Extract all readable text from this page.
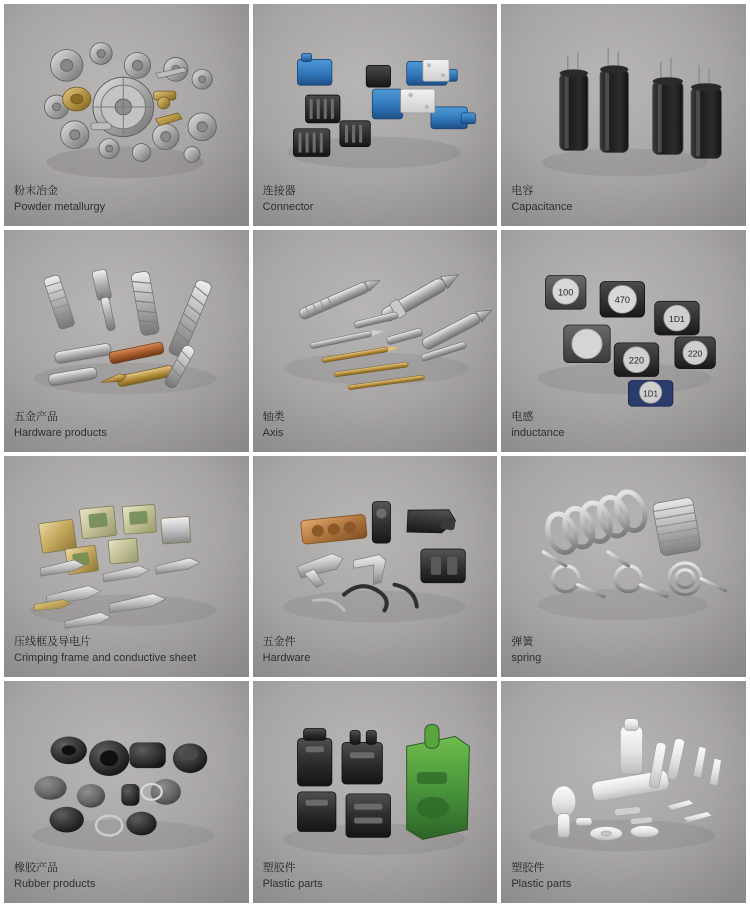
粉末冶金
Powder metallurgy
连接器
Connector
电容
Capacitance
五金产品
Hardware products
轴类
Axis
100
470
1D1
220
220
1D1
电感
inductance
压线框及导电片
Crimping frame and conductive sheet
五金件
Hardware
弹簧
spring
橡胶产品
Rubber products
塑胶件
Plastic parts
塑胶件
Plastic parts
